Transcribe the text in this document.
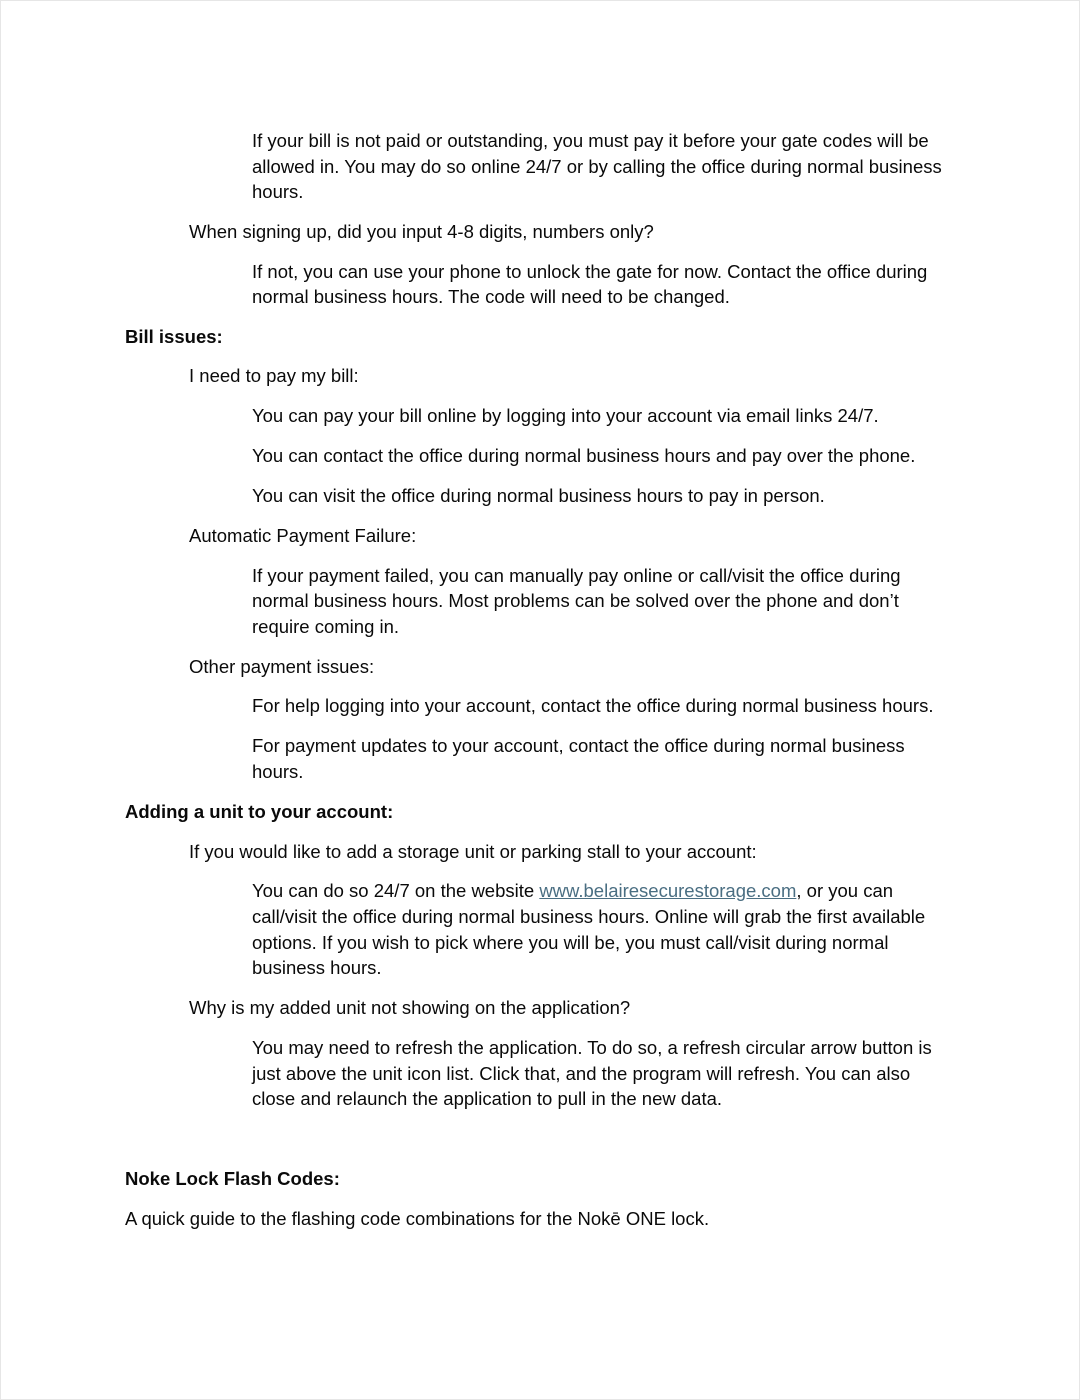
If your bill is not paid or outstanding, you must pay it before your gate codes will be
allowed in. You may do so online 24/7 or by calling the office during normal business
hours.
When signing up, did you input 4-8 digits, numbers only?
If not, you can use your phone to unlock the gate for now. Contact the office during
normal business hours. The code will need to be changed.
Bill issues:
I need to pay my bill:
You can pay your bill online by logging into your account via email links 24/7.
You can contact the office during normal business hours and pay over the phone.
You can visit the office during normal business hours to pay in person.
Automatic Payment Failure:
If your payment failed, you can manually pay online or call/visit the office during
normal business hours. Most problems can be solved over the phone and don’t
require coming in.
Other payment issues:
For help logging into your account, contact the office during normal business hours.
For payment updates to your account, contact the office during normal business
hours.
Adding a unit to your account:
If you would like to add a storage unit or parking stall to your account:
You can do so 24/7 on the website www.belairesecurestorage.com, or you can
call/visit the office during normal business hours. Online will grab the first available
options. If you wish to pick where you will be, you must call/visit during normal
business hours.
Why is my added unit not showing on the application?
You may need to refresh the application. To do so, a refresh circular arrow button is
just above the unit icon list. Click that, and the program will refresh. You can also
close and relaunch the application to pull in the new data.
Noke Lock Flash Codes:
A quick guide to the flashing code combinations for the Nokē ONE lock.
